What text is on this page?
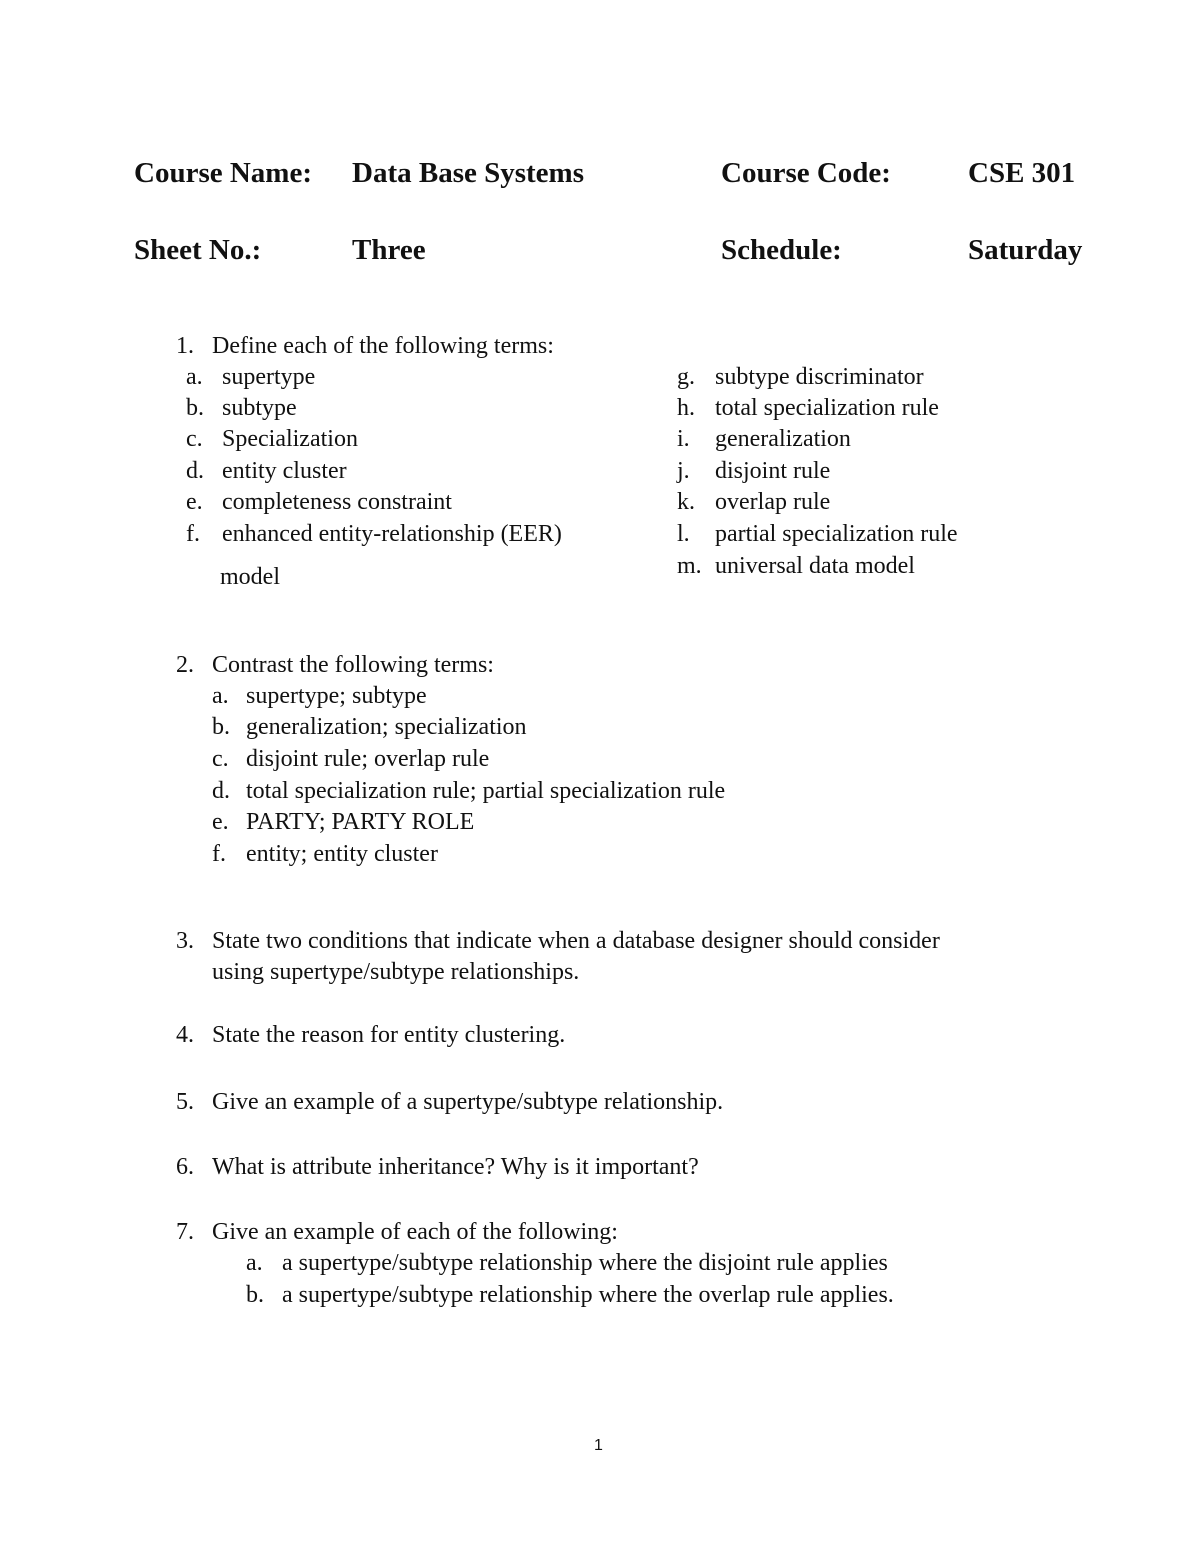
Course Name: Data Base Systems	Course Code:	CSE 301
Sheet No.:	Three	Schedule:	Saturday
1. Define each of the following terms:
a. supertype
b. subtype
c. Specialization
d. entity cluster
e. completeness constraint
f. enhanced entity-relationship (EER)
model
g. subtype discriminator
h. total specialization rule
i. generalization
j. disjoint rule
k. overlap rule
l. partial specialization rule
m. universal data model
2. Contrast the following terms:
a. supertype; subtype
b. generalization; specialization
c. disjoint rule; overlap rule
d. total specialization rule; partial specialization rule
e. PARTY; PARTY ROLE
f. entity; entity cluster
3. State two conditions that indicate when a database designer should consider
using supertype/subtype relationships.
4. State the reason for entity clustering.
5. Give an example of a supertype/subtype relationship.
6. What is attribute inheritance? Why is it important?
7. Give an example of each of the following:
a. a supertype/subtype relationship where the disjoint rule applies
b. a supertype/subtype relationship where the overlap rule applies.
1
